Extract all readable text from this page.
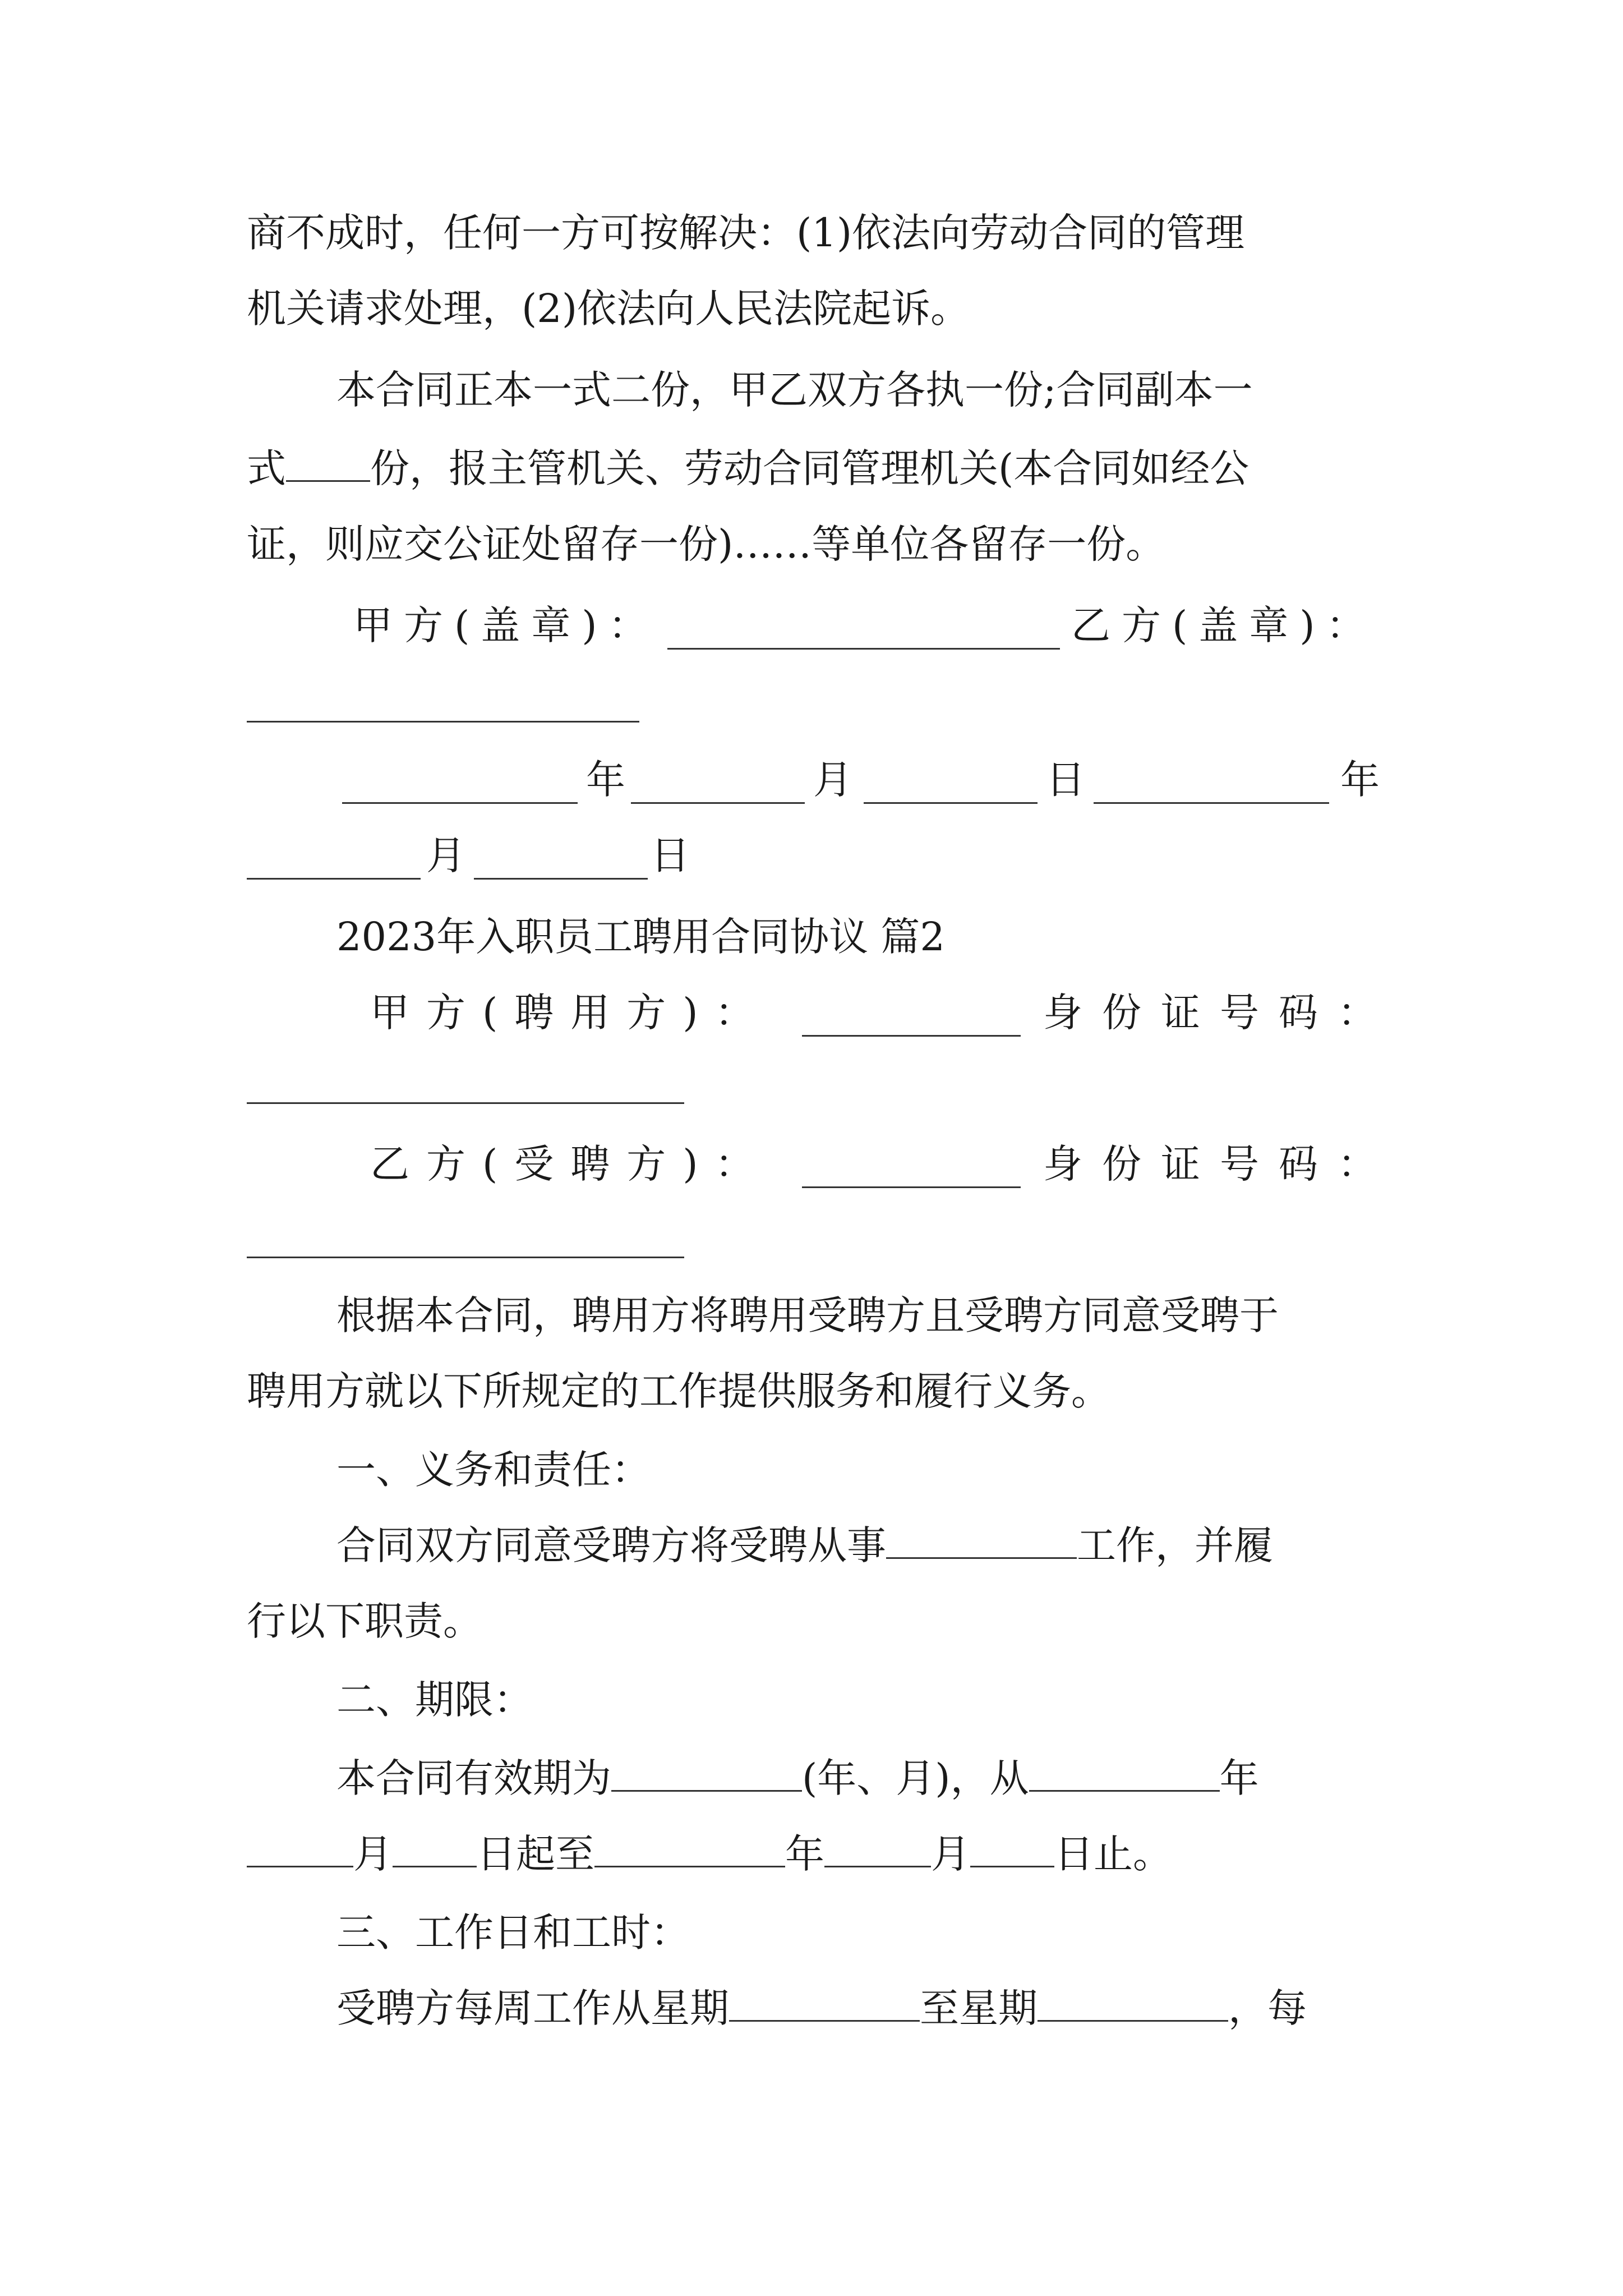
商不成时，任何一方可按解决：(1)依法向劳动合同的管理
机关请求处理，(2)依法向人民法院起诉。
本合同正本一式二份，甲乙双方各执一份;合同副本一
式 份，报主管机关、劳动合同管理机关(本合同如经公
证，则应交公证处留存一份)……等单位各留存一份。
甲方(盖章)：	乙方(盖章)：
年	月	日	年
月	日
2023年入职员工聘用合同协议 篇2
甲方(聘用方)：	身份证号码：
乙方(受聘方)：	身份证号码：
根据本合同，聘用方将聘用受聘方且受聘方同意受聘于
聘用方就以下所规定的工作提供服务和履行义务。
一、义务和责任：
合同双方同意受聘方将受聘从事	工作，并履
行以下职责。
二、期限：
本合同有效期为	(年、月)，从	年
月 日起至	年	月 日止。
三、工作日和工时：
受聘方每周工作从星期	至星期	，每
